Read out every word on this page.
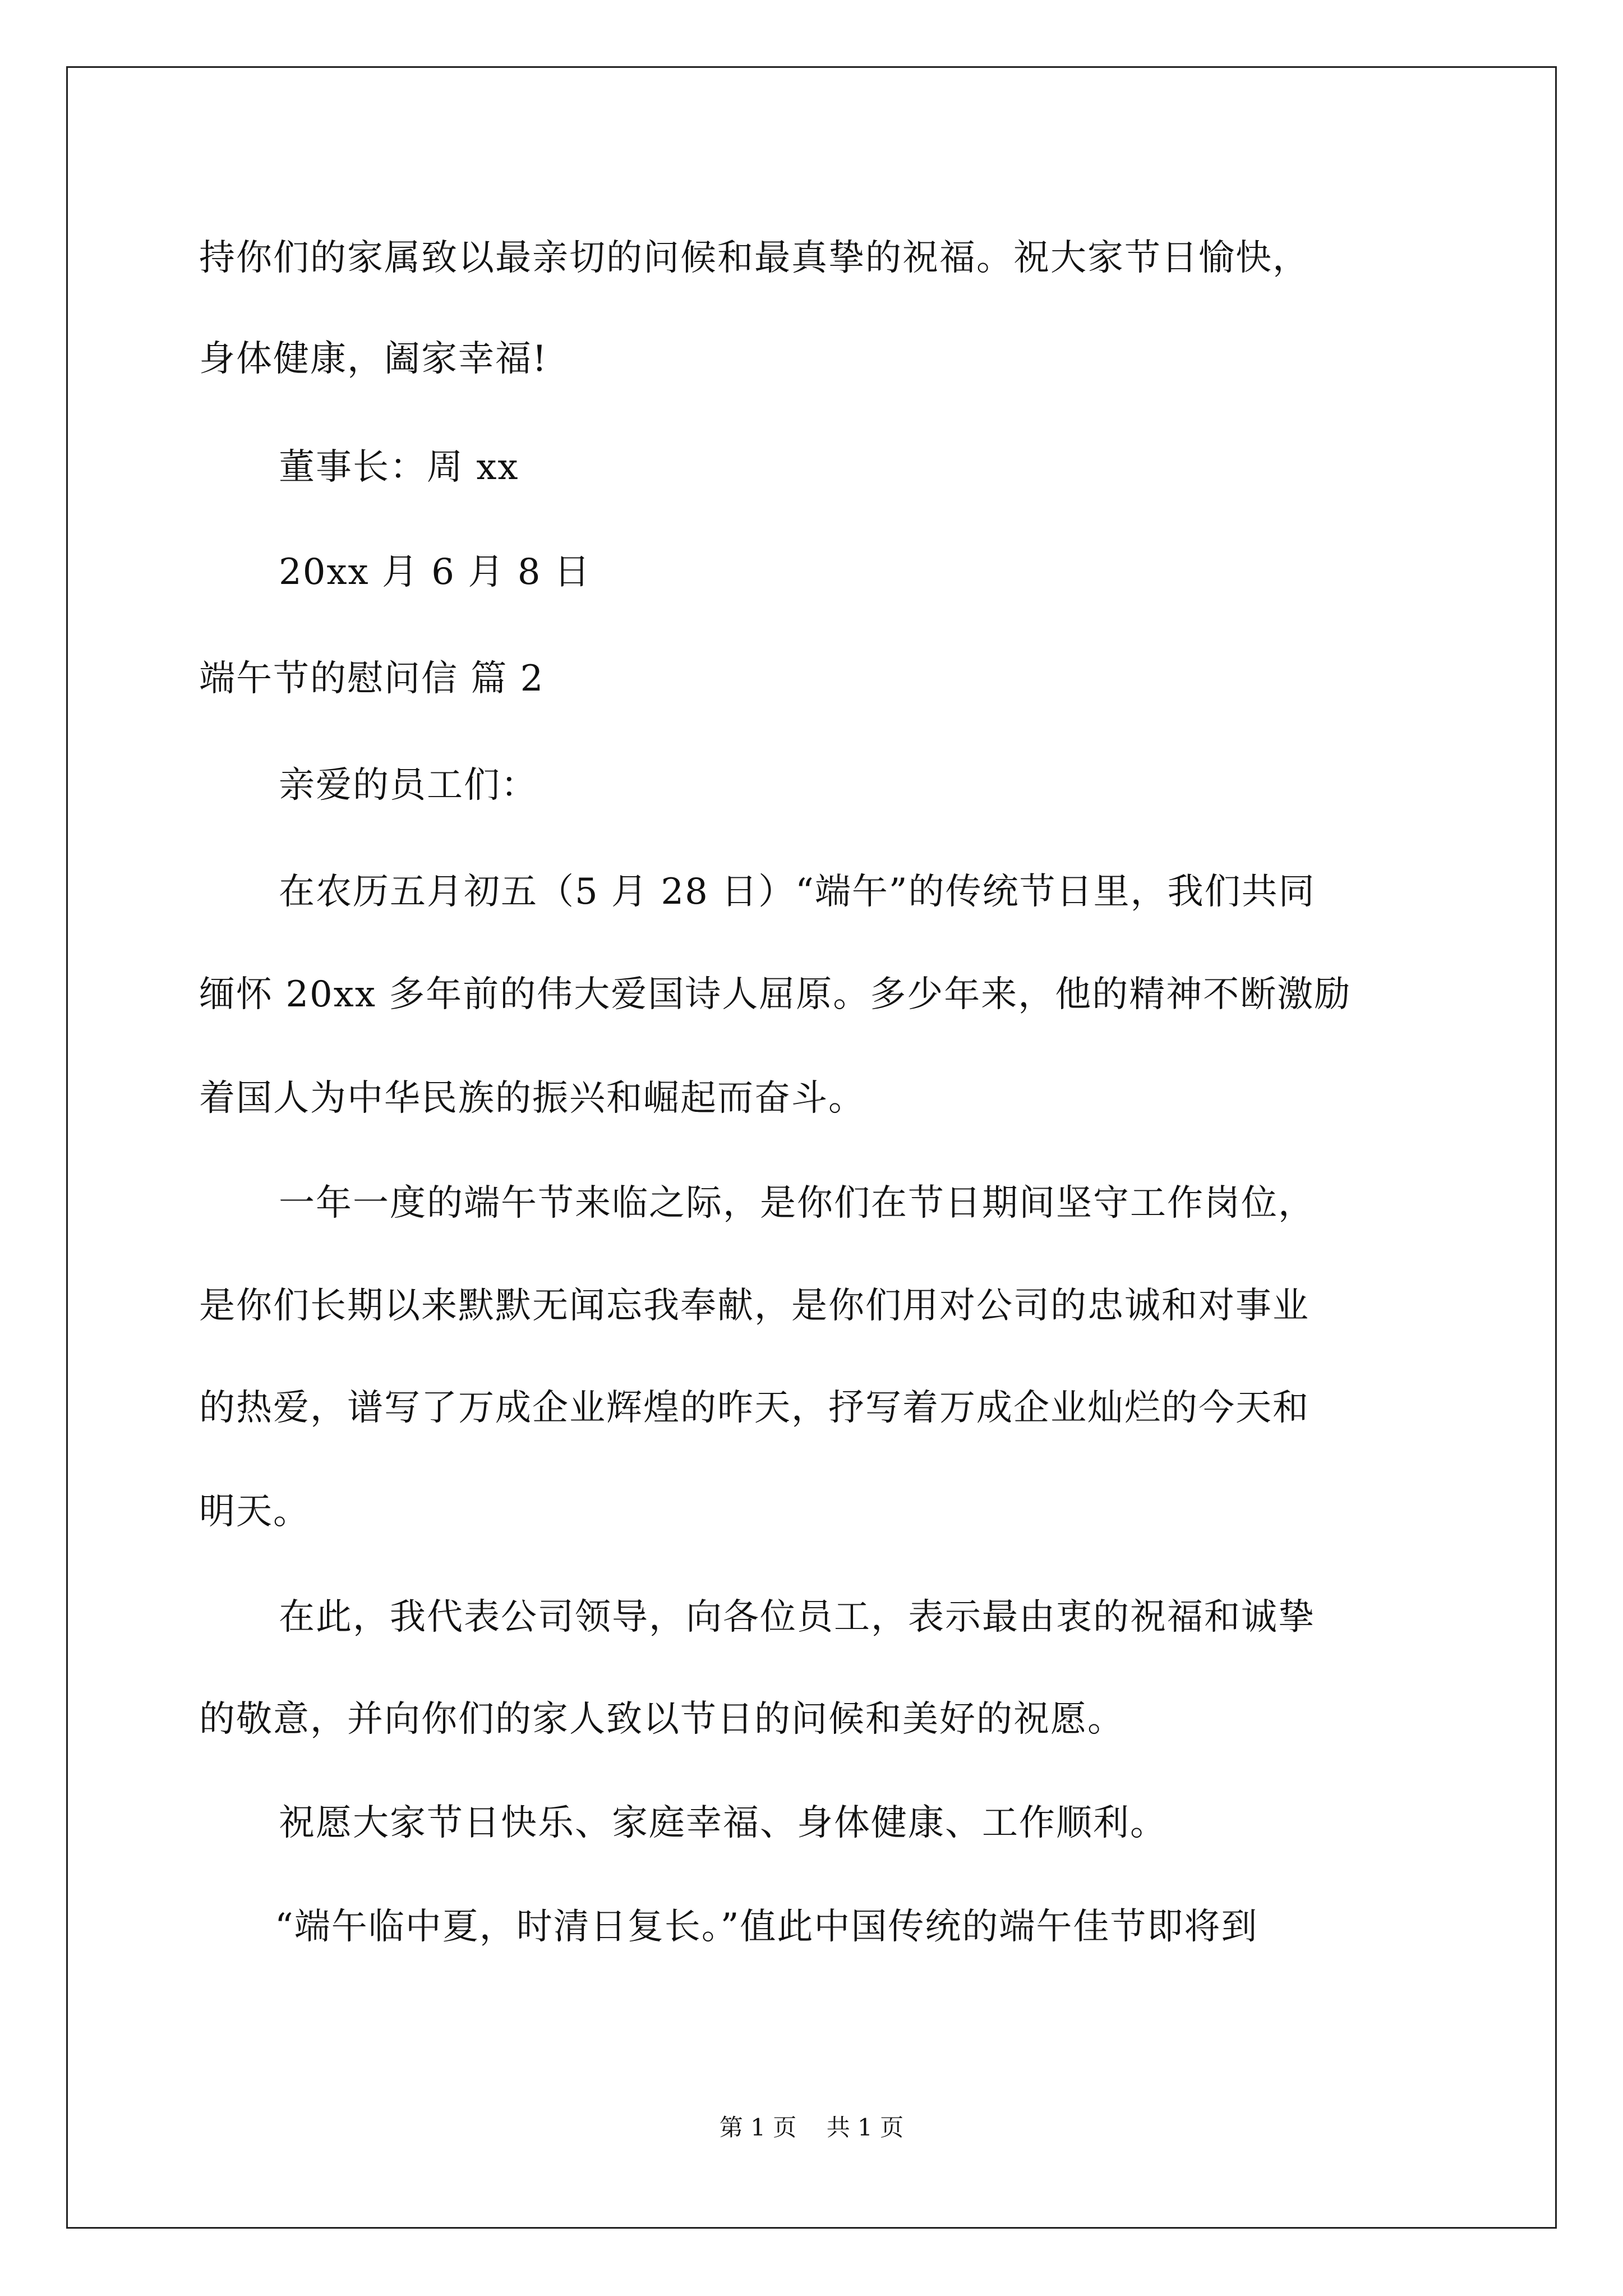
持你们的家属致以最亲切的问候和最真挚的祝福。祝大家节日愉快，
身体健康，阖家幸福!
董事长：周 xx
20xx 月 6 月 8 日
端午节的慰问信 篇 2
亲爱的员工们：
在农历五月初五（5 月 28 日）“端午”的传统节日里，我们共同
缅怀 20xx 多年前的伟大爱国诗人屈原。多少年来，他的精神不断激励
着国人为中华民族的振兴和崛起而奋斗。
一年一度的端午节来临之际，是你们在节日期间坚守工作岗位，
是你们长期以来默默无闻忘我奉献，是你们用对公司的忠诚和对事业
的热爱，谱写了万成企业辉煌的昨天，抒写着万成企业灿烂的今天和
明天。
在此，我代表公司领导，向各位员工，表示最由衷的祝福和诚挚
的敬意，并向你们的家人致以节日的问候和美好的祝愿。
祝愿大家节日快乐、家庭幸福、身体健康、工作顺利。
“端午临中夏，时清日复长。”值此中国传统的端午佳节即将到
第 1 页    共 1 页
